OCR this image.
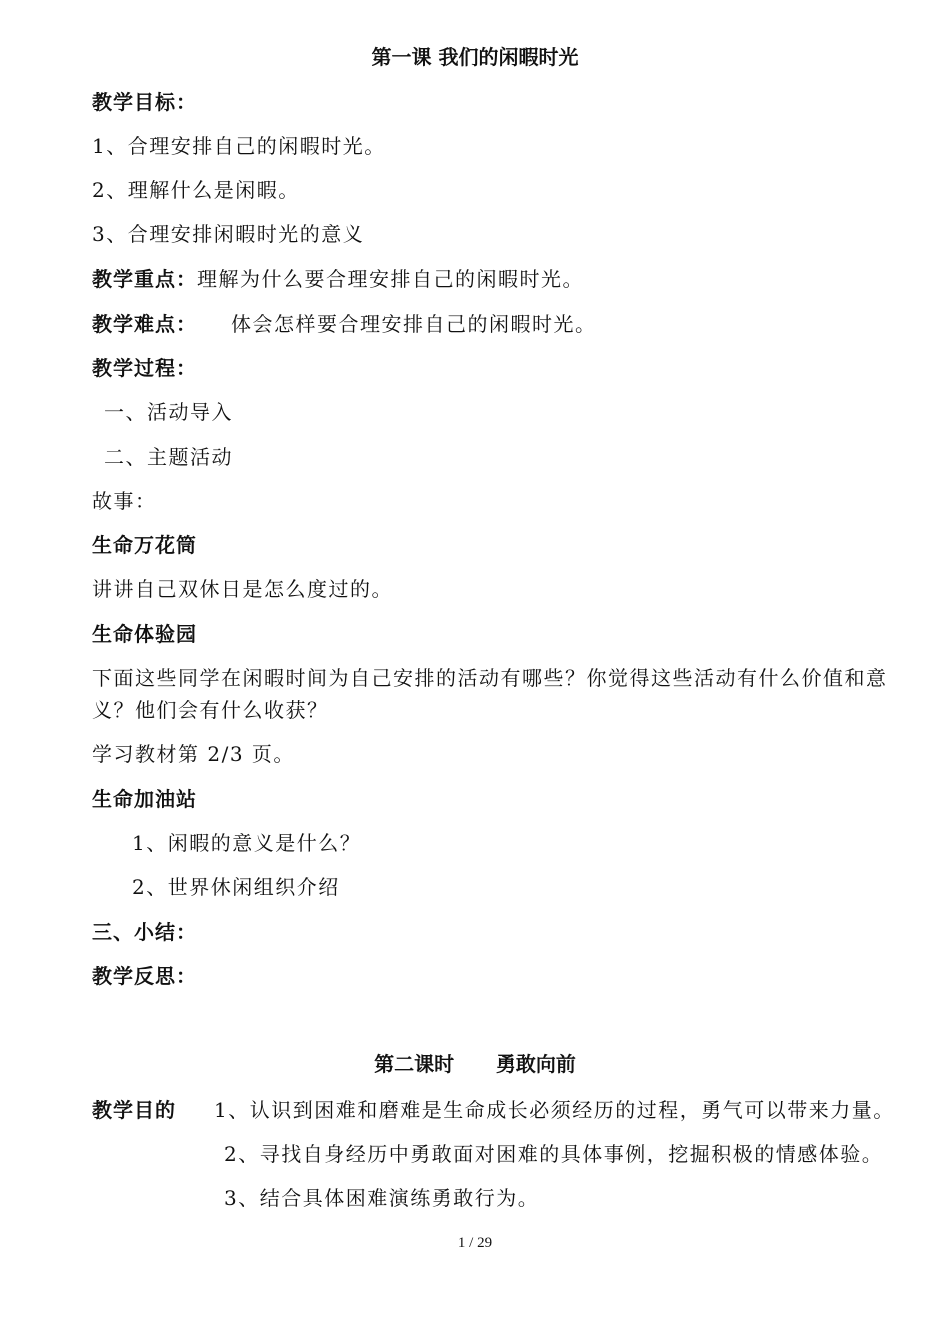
第一课 我们的闲暇时光
教学目标：
1、合理安排自己的闲暇时光。
2、理解什么是闲暇。
3、合理安排闲暇时光的意义
教学重点：理解为什么要合理安排自己的闲暇时光。
教学难点： 体会怎样要合理安排自己的闲暇时光。
教学过程：
一、活动导入
二、主题活动
故事：
生命万花筒
讲讲自己双休日是怎么度过的。
生命体验园
下面这些同学在闲暇时间为自己安排的活动有哪些？你觉得这些活动有什么价值和意义？他们会有什么收获？
学习教材第 2/3 页。
生命加油站
1、闲暇的意义是什么？
2、世界休闲组织介绍
三、小结：
教学反思：
第二课时      勇敢向前
教学目的 1、认识到困难和磨难是生命成长必须经历的过程，勇气可以带来力量。
2、寻找自身经历中勇敢面对困难的具体事例，挖掘积极的情感体验。
3、结合具体困难演练勇敢行为。
1 / 29
